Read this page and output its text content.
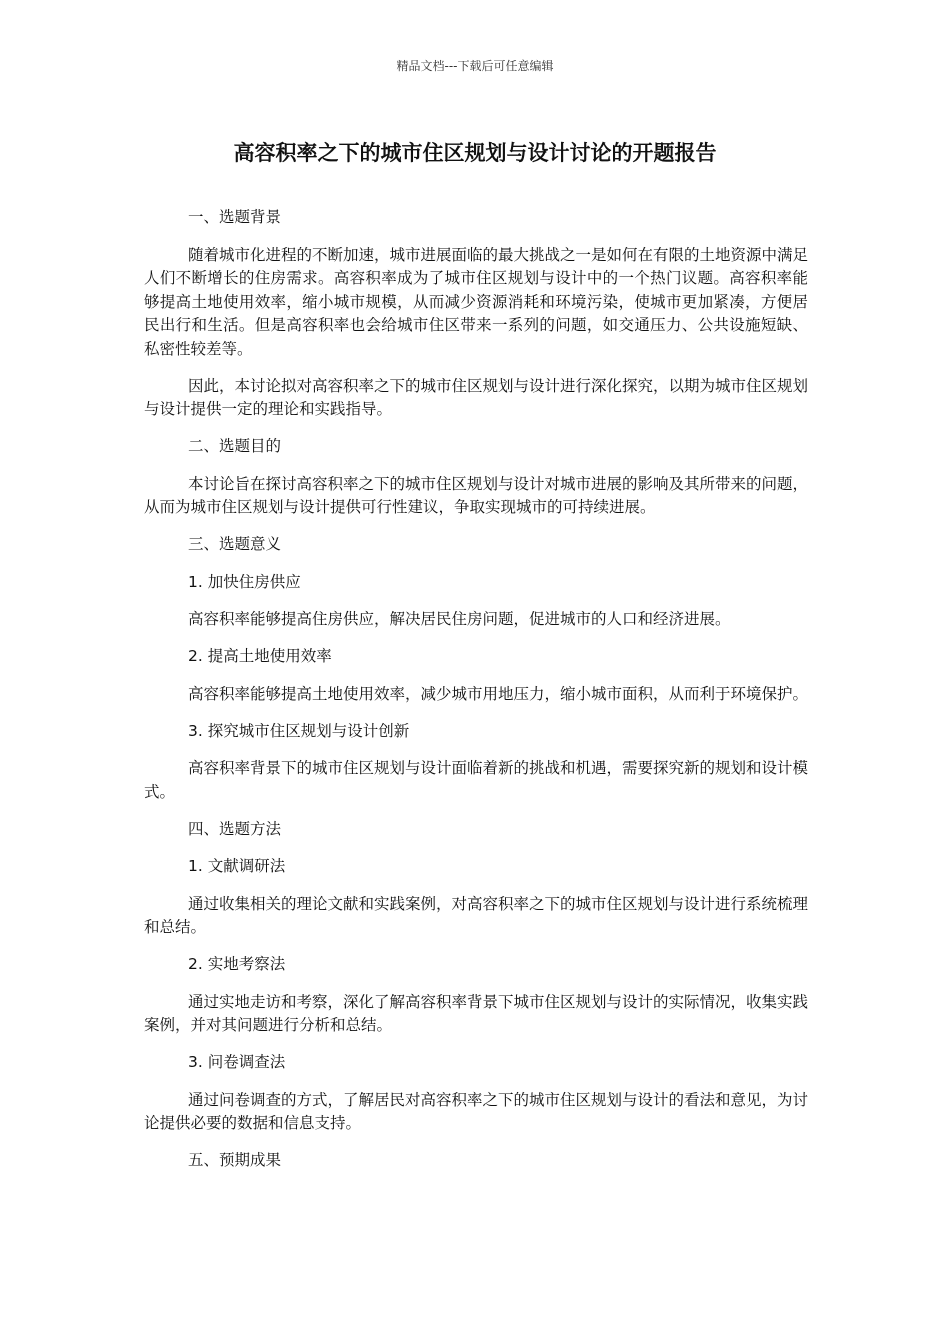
精品文档---下载后可任意编辑
高容积率之下的城市住区规划与设计讨论的开题报告

一、选题背景

随着城市化进程的不断加速，城市进展面临的最大挑战之一是如何在有限的土地资源中满足人们不断增长的住房需求。高容积率成为了城市住区规划与设计中的一个热门议题。高容积率能够提高土地使用效率，缩小城市规模，从而减少资源消耗和环境污染，使城市更加紧凑，方便居民出行和生活。但是高容积率也会给城市住区带来一系列的问题，如交通压力、公共设施短缺、私密性较差等。

因此，本讨论拟对高容积率之下的城市住区规划与设计进行深化探究，以期为城市住区规划与设计提供一定的理论和实践指导。

二、选题目的

本讨论旨在探讨高容积率之下的城市住区规划与设计对城市进展的影响及其所带来的问题，从而为城市住区规划与设计提供可行性建议，争取实现城市的可持续进展。

三、选题意义

1. 加快住房供应

高容积率能够提高住房供应，解决居民住房问题，促进城市的人口和经济进展。

2. 提高土地使用效率

高容积率能够提高土地使用效率，减少城市用地压力，缩小城市面积，从而利于环境保护。

3. 探究城市住区规划与设计创新

高容积率背景下的城市住区规划与设计面临着新的挑战和机遇，需要探究新的规划和设计模式。

四、选题方法

1. 文献调研法

通过收集相关的理论文献和实践案例，对高容积率之下的城市住区规划与设计进行系统梳理和总结。

2. 实地考察法

通过实地走访和考察，深化了解高容积率背景下城市住区规划与设计的实际情况，收集实践案例，并对其问题进行分析和总结。

3. 问卷调查法

通过问卷调查的方式，了解居民对高容积率之下的城市住区规划与设计的看法和意见，为讨论提供必要的数据和信息支持。

五、预期成果
